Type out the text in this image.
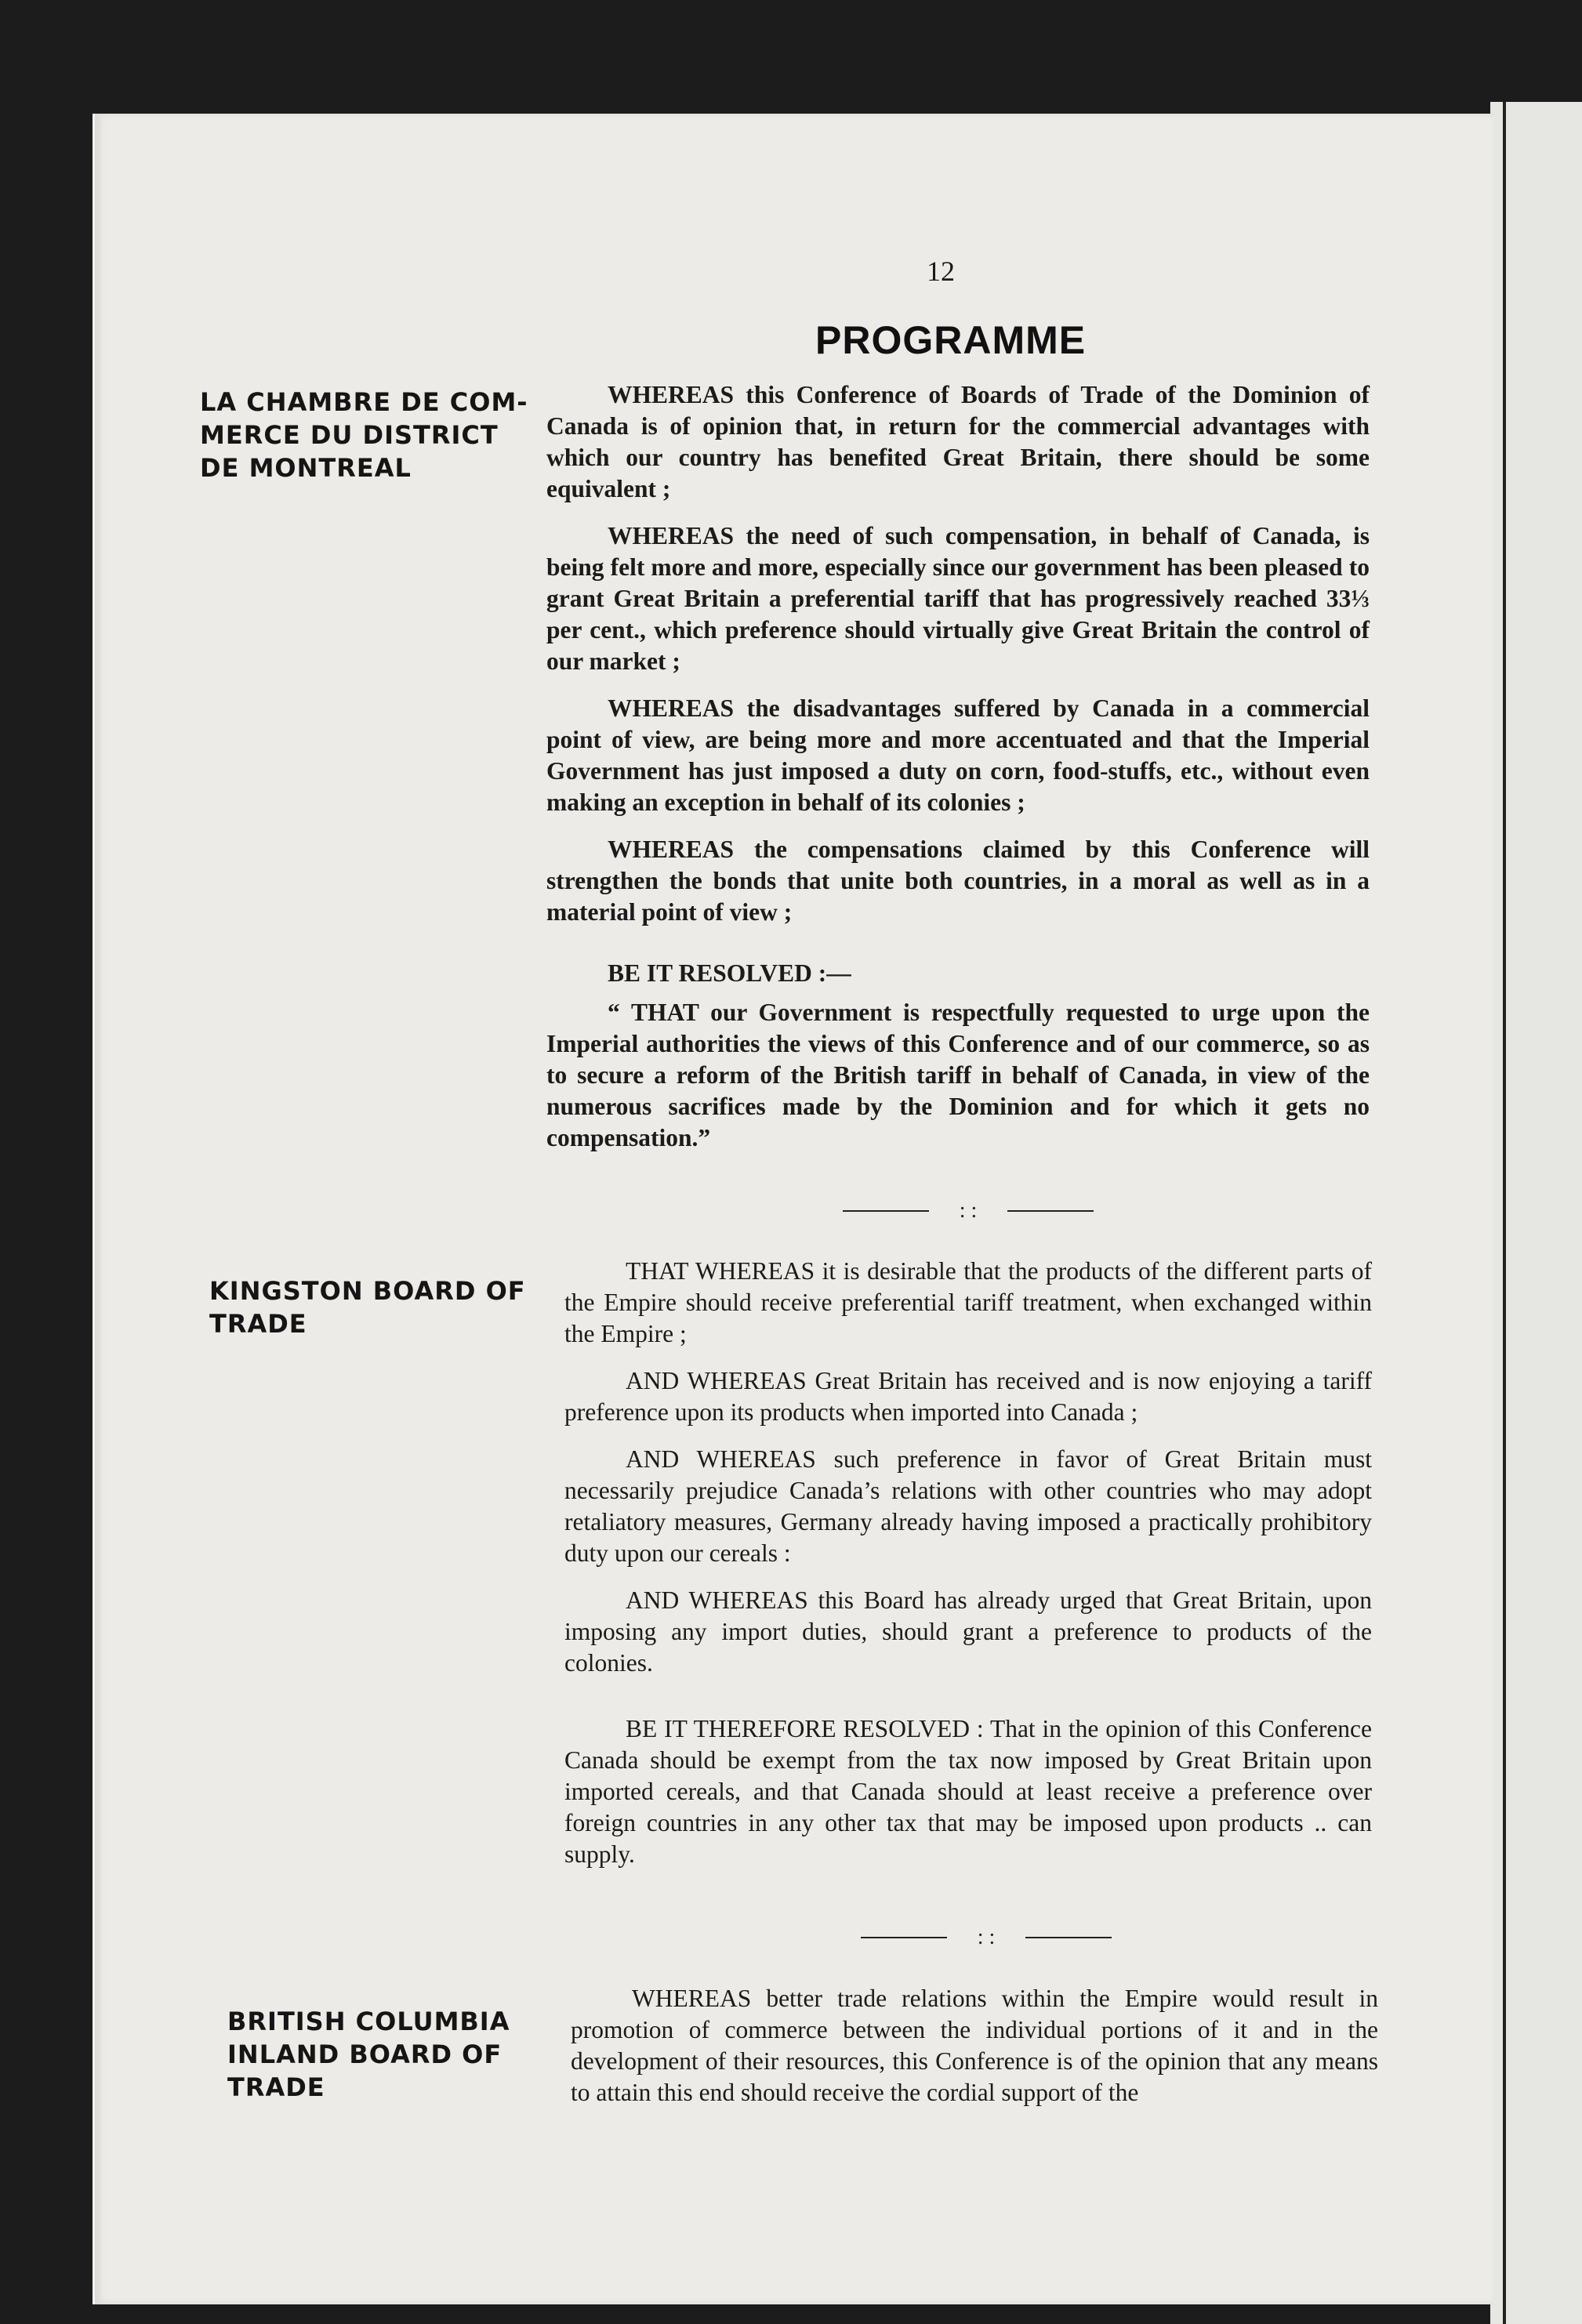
12
PROGRAMME
LA CHAMBRE DE COM-
MERCE DU DISTRICT
DE MONTREAL

WHEREAS this Conference of Boards of Trade of the Dominion of Canada is of opinion that, in return for the commercial advantages with which our country has benefited Great Britain, there should be some equivalent ;

WHEREAS the need of such compensation, in behalf of Canada, is being felt more and more, especially since our government has been pleased to grant Great Britain a preferential tariff that has progressively reached 33⅓ per cent., which preference should virtually give Great Britain the control of our market ;

WHEREAS the disadvantages suffered by Canada in a commercial point of view, are being more and more accentuated and that the Imperial Government has just imposed a duty on corn, food-stuffs, etc., without even making an exception in behalf of its colonies ;

WHEREAS the compensations claimed by this Conference will strengthen the bonds that unite both countries, in a moral as well as in a material point of view ;

BE IT RESOLVED :—

“ THAT our Government is respectfully requested to urge upon the Imperial authorities the views of this Conference and of our commerce, so as to secure a reform of the British tariff in behalf of Canada, in view of the numerous sacrifices made by the Dominion and for which it gets no compensation.”

: :
KINGSTON BOARD OF
TRADE

THAT WHEREAS it is desirable that the products of the different parts of the Empire should receive preferential tariff treatment, when exchanged within the Empire ;

AND WHEREAS Great Britain has received and is now enjoying a tariff preference upon its products when imported into Canada ;

AND WHEREAS such preference in favor of Great Britain must necessarily prejudice Canada’s relations with other countries who may adopt retaliatory measures, Germany already having imposed a practically prohibitory duty upon our cereals :

AND WHEREAS this Board has already urged that Great Britain, upon imposing any import duties, should grant a preference to products of the colonies.

BE IT THEREFORE RESOLVED : That in the opinion of this Conference Canada should be exempt from the tax now imposed by Great Britain upon imported cereals, and that Canada should at least receive a preference over foreign countries in any other tax that may be imposed upon products .. can supply.

: :
BRITISH COLUMBIA
INLAND BOARD OF
TRADE

WHEREAS better trade relations within the Empire would result in promotion of commerce between the individual portions of it and in the development of their resources, this Conference is of the opinion that any means to attain this end should receive the cordial support of the
